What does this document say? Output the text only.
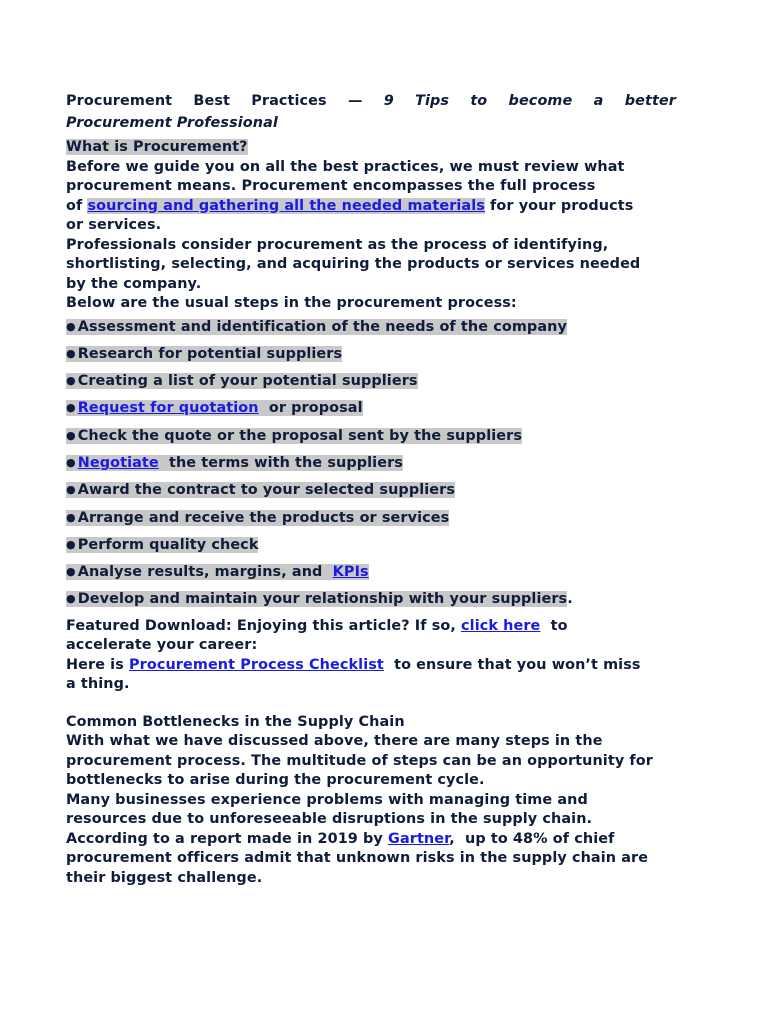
Procurement Best Practices — 9 Tips to become a better

Procurement Professional

What is Procurement?

Before we guide you on all the best practices, we must review what
procurement means. Procurement encompasses the full process
of sourcing and gathering all the needed materials for your products
or services.

Professionals consider procurement as the process of identifying,
shortlisting, selecting, and acquiring the products or services needed
by the company.

Below are the usual steps in the procurement process:

● Assessment and identification of the needs of the company
● Research for potential suppliers
● Creating a list of your potential suppliers
● Request for quotation  or proposal
● Check the quote or the proposal sent by the suppliers
● Negotiate  the terms with the suppliers
● Award the contract to your selected suppliers
● Arrange and receive the products or services
● Perform quality check
● Analyse results, margins, and  KPIs
● Develop and maintain your relationship with your suppliers.

Featured Download: Enjoying this article? If so, click here  to
accelerate your career:
Here is Procurement Process Checklist  to ensure that you won’t miss
a thing.

Common Bottlenecks in the Supply Chain

With what we have discussed above, there are many steps in the
procurement process. The multitude of steps can be an opportunity for
bottlenecks to arise during the procurement cycle.
Many businesses experience problems with managing time and
resources due to unforeseeable disruptions in the supply chain.
According to a report made in 2019 by Gartner,  up to 48% of chief
procurement officers admit that unknown risks in the supply chain are
their biggest challenge.
